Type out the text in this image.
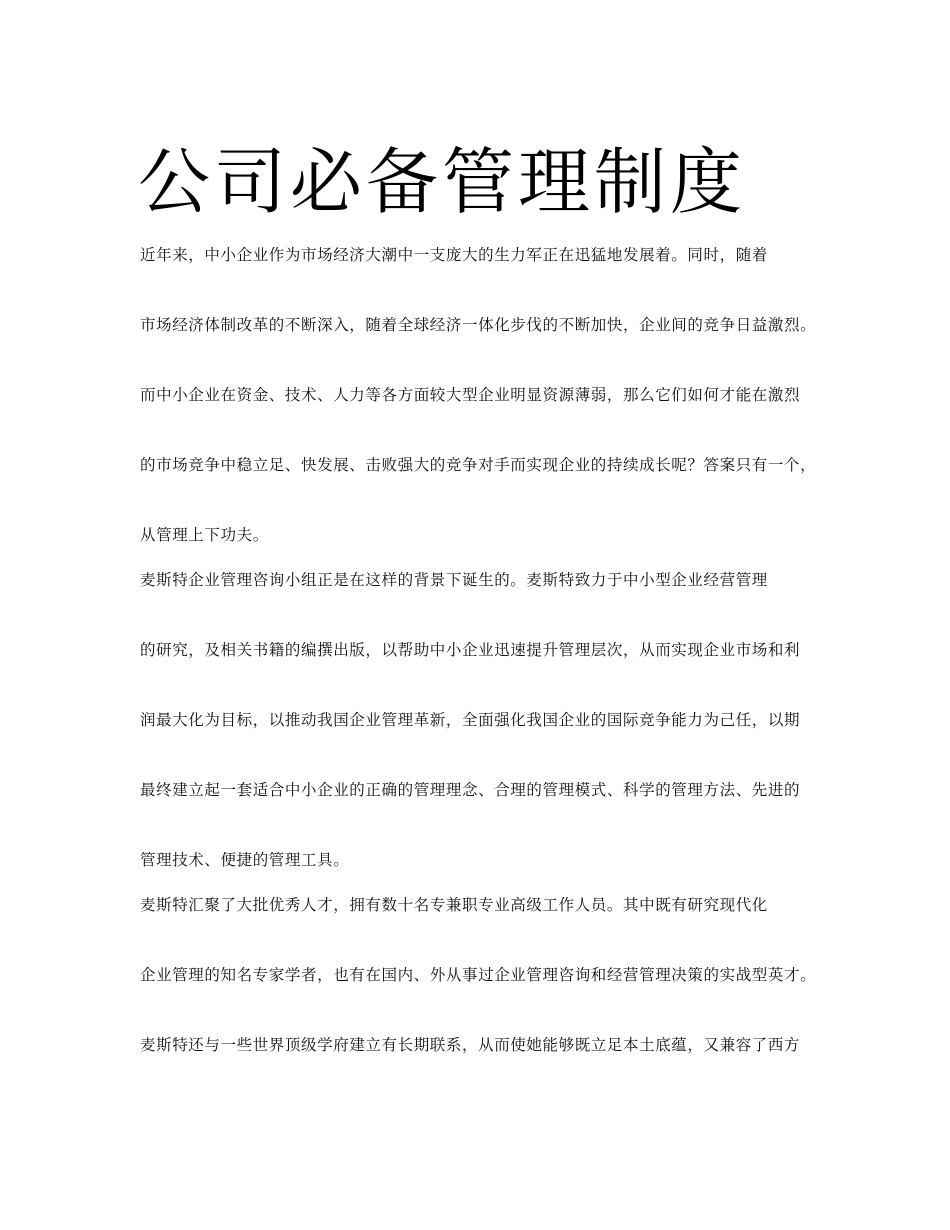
公司必备管理制度

近年来，中小企业作为市场经济大潮中一支庞大的生力军正在迅猛地发展着。同时，随着

市场经济体制改革的不断深入，随着全球经济一体化步伐的不断加快，企业间的竞争日益激烈。

而中小企业在资金、技术、人力等各方面较大型企业明显资源薄弱，那么它们如何才能在激烈

的市场竞争中稳立足、快发展、击败强大的竞争对手而实现企业的持续成长呢？答案只有一个，

从管理上下功夫。

麦斯特企业管理咨询小组正是在这样的背景下诞生的。麦斯特致力于中小型企业经营管理

的研究，及相关书籍的编撰出版，以帮助中小企业迅速提升管理层次，从而实现企业市场和利

润最大化为目标，以推动我国企业管理革新，全面强化我国企业的国际竞争能力为己任，以期

最终建立起一套适合中小企业的正确的管理理念、合理的管理模式、科学的管理方法、先进的

管理技术、便捷的管理工具。

麦斯特汇聚了大批优秀人才，拥有数十名专兼职专业高级工作人员。其中既有研究现代化

企业管理的知名专家学者，也有在国内、外从事过企业管理咨询和经营管理决策的实战型英才。

麦斯特还与一些世界顶级学府建立有长期联系，从而使她能够既立足本土底蕴，又兼容了西方
